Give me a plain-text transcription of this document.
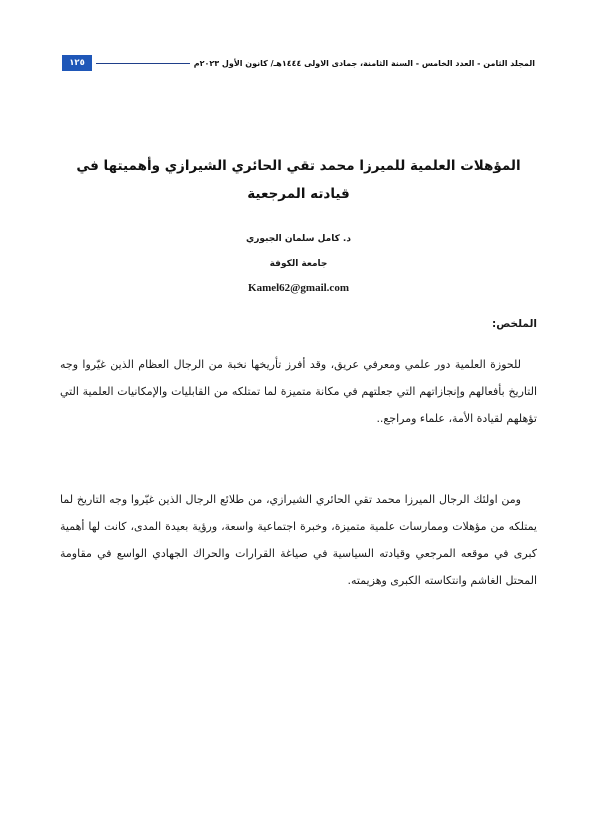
المجلد الثامن - العدد الخامس - السنة الثامنة، جمادى الاولى ١٤٤٤هـ/ كانون الأول ٢٠٢٣م
١٢٥
المؤهلات العلمية للميرزا محمد تقي الحائري الشيرازي وأهميتها في قيادته المرجعية
د. كامل سلمان الجبوري
جامعة الكوفة
Kamel62@gmail.com
الملخص:

للحوزة العلمية دور علمي ومعرفي عريق، وقد أفرز تأريخها نخبة من الرجال العظام الذين غيّروا وجه التاريخ بأفعالهم وإنجازاتهم التي جعلتهم في مكانة متميزة لما تمتلكه من القابليات والإمكانيات العلمية التي تؤهلهم لقيادة الأمة، علماء ومراجع..

ومن اولئك الرجال الميرزا محمد تقي الحائري الشيرازي، من طلائع الرجال الذين غيّروا وجه التاريخ لما يمتلكه من مؤهلات وممارسات علمية متميزة، وخبرة اجتماعية واسعة، ورؤية بعيدة المدى، كانت لها أهمية كبرى في موقعه المرجعي وقيادته السياسية في صياغة القرارات والحراك الجهادي الواسع في مقاومة المحتل الغاشم وانتكاسته الكبرى وهزيمته.
